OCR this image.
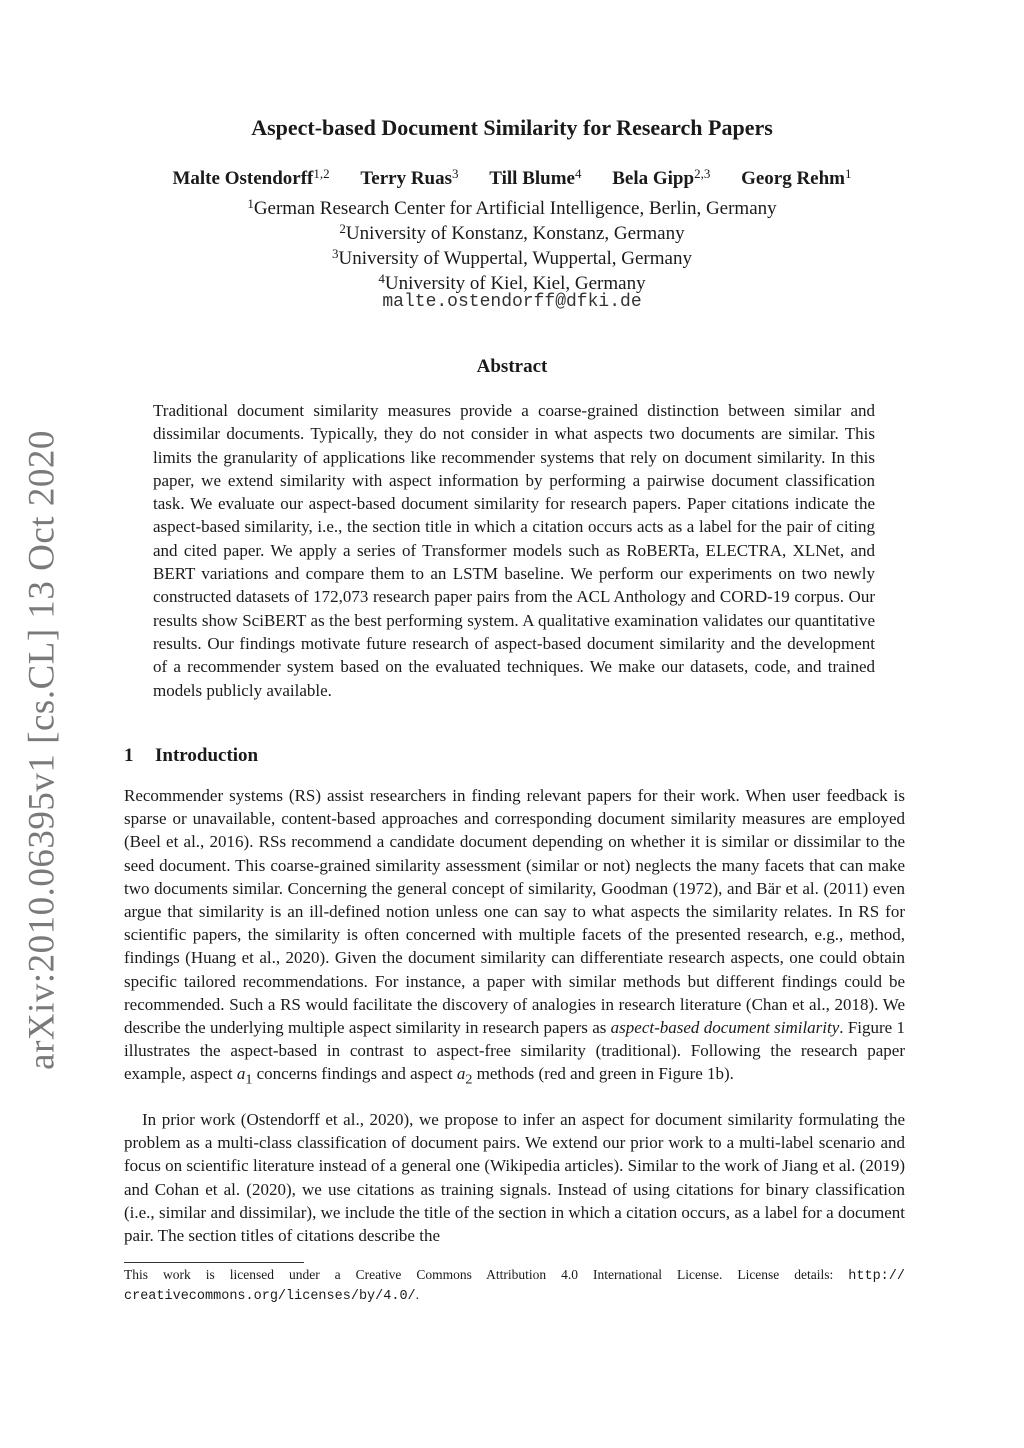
arXiv:2010.06395v1 [cs.CL] 13 Oct 2020
Aspect-based Document Similarity for Research Papers
Malte Ostendorff$^{1,2}$ Terry Ruas$^3$ Till Blume$^4$ Bela Gipp$^{2,3}$ Georg Rehm$^1$
$^1$German Research Center for Artificial Intelligence, Berlin, Germany
$^2$University of Konstanz, Konstanz, Germany
$^3$University of Wuppertal, Wuppertal, Germany
$^4$University of Kiel, Kiel, Germany
malte.ostendorff@dfki.de
Abstract

Traditional document similarity measures provide a coarse-grained distinction between similar and dissimilar documents. Typically, they do not consider in what aspects two documents are similar. This limits the granularity of applications like recommender systems that rely on document similarity. In this paper, we extend similarity with aspect information by performing a pairwise document classification task. We evaluate our aspect-based document similarity for research papers. Paper citations indicate the aspect-based similarity, i.e., the section title in which a citation occurs acts as a label for the pair of citing and cited paper. We apply a series of Transformer models such as RoBERTa, ELECTRA, XLNet, and BERT variations and compare them to an LSTM baseline. We perform our experiments on two newly constructed datasets of 172,073 research paper pairs from the ACL Anthology and CORD-19 corpus. Our results show SciBERT as the best performing system. A qualitative examination validates our quantitative results. Our findings motivate future research of aspect-based document similarity and the development of a recommender system based on the evaluated techniques. We make our datasets, code, and trained models publicly available.

1 Introduction

Recommender systems (RS) assist researchers in finding relevant papers for their work. When user feedback is sparse or unavailable, content-based approaches and corresponding document similarity measures are employed (Beel et al., 2016). RSs recommend a candidate document depending on whether it is similar or dissimilar to the seed document. This coarse-grained similarity assessment (similar or not) neglects the many facets that can make two documents similar. Concerning the general concept of similarity, Goodman (1972), and Bär et al. (2011) even argue that similarity is an ill-defined notion unless one can say to what aspects the similarity relates. In RS for scientific papers, the similarity is often concerned with multiple facets of the presented research, e.g., method, findings (Huang et al., 2020). Given the document similarity can differentiate research aspects, one could obtain specific tailored recommendations. For instance, a paper with similar methods but different findings could be recommended. Such a RS would facilitate the discovery of analogies in research literature (Chan et al., 2018). We describe the underlying multiple aspect similarity in research papers as aspect-based document similarity. Figure 1 illustrates the aspect-based in contrast to aspect-free similarity (traditional). Following the research paper example, aspect $a_1$ concerns findings and aspect $a_2$ methods (red and green in Figure 1b).

In prior work (Ostendorff et al., 2020), we propose to infer an aspect for document similarity formulating the problem as a multi-class classification of document pairs. We extend our prior work to a multi-label scenario and focus on scientific literature instead of a general one (Wikipedia articles). Similar to the work of Jiang et al. (2019) and Cohan et al. (2020), we use citations as training signals. Instead of using citations for binary classification (i.e., similar and dissimilar), we include the title of the section in which a citation occurs, as a label for a document pair. The section titles of citations describe the

This work is licensed under a Creative Commons Attribution 4.0 International License. License details: http:// creativecommons.org/licenses/by/4.0/.
